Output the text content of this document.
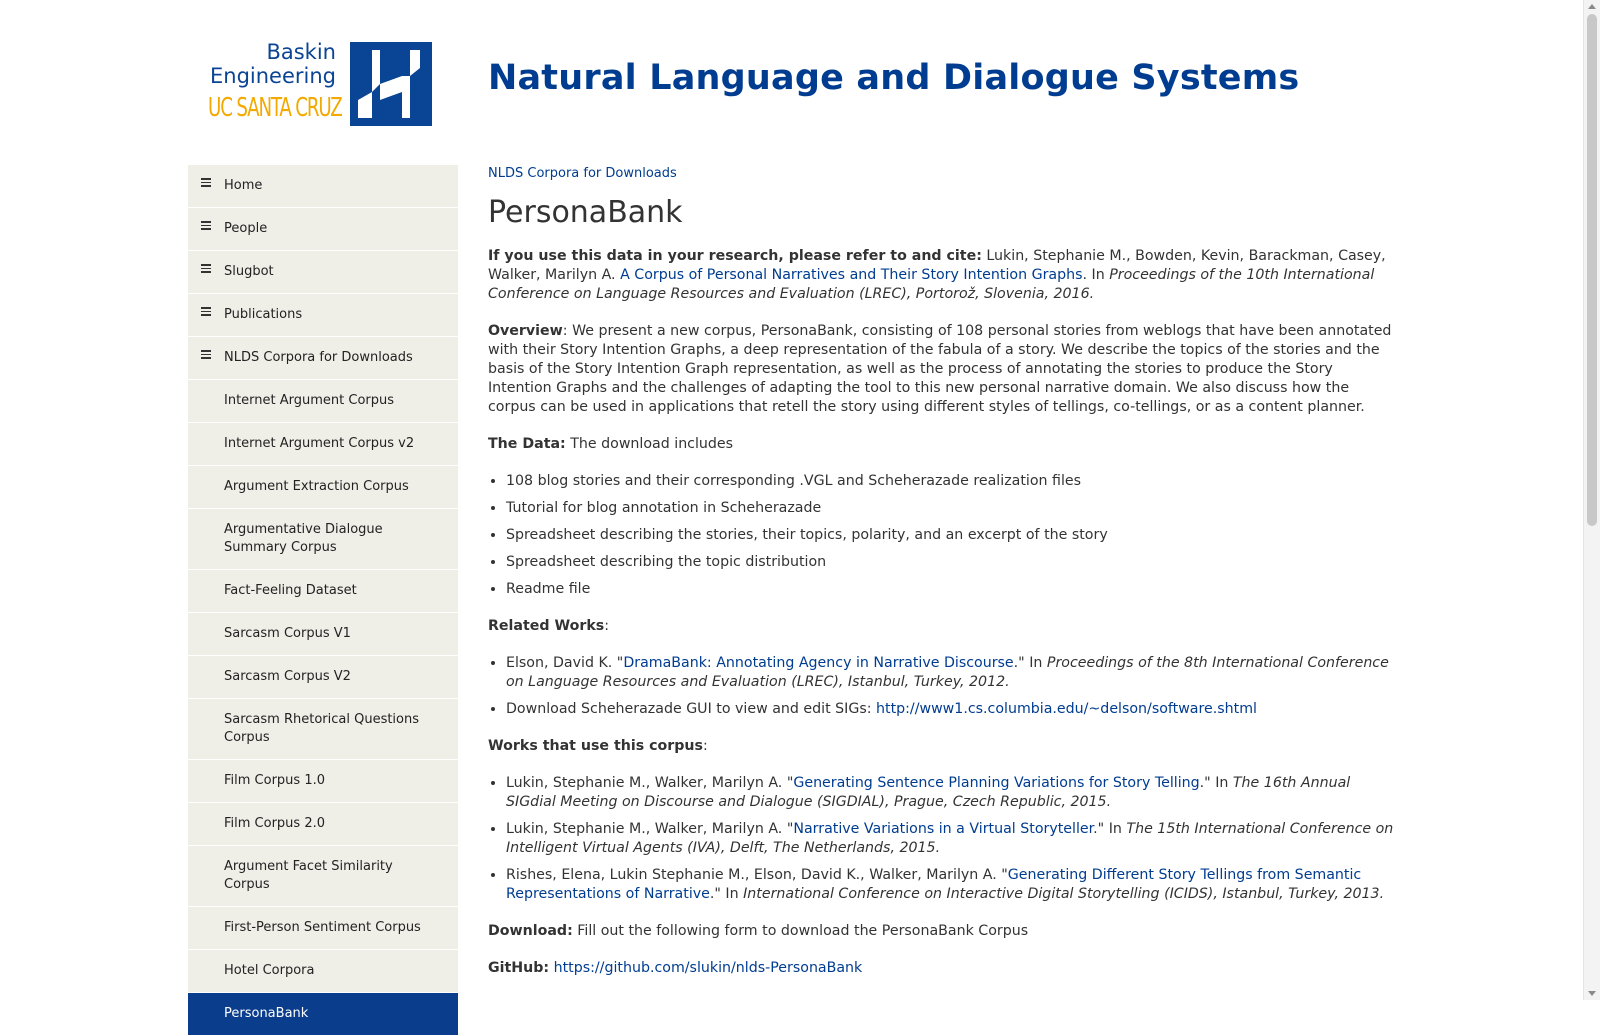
Baskin
Engineering
UC SANTA CRUZ
Natural Language and Dialogue Systems
Home
People
Slugbot
Publications
NLDS Corpora for Downloads
Internet Argument Corpus
Internet Argument Corpus v2
Argument Extraction Corpus
Argumentative Dialogue Summary Corpus
Fact-Feeling Dataset
Sarcasm Corpus V1
Sarcasm Corpus V2
Sarcasm Rhetorical Questions Corpus
Film Corpus 1.0
Film Corpus 2.0
Argument Facet Similarity Corpus
First-Person Sentiment Corpus
Hotel Corpora
PersonaBank

NLDS Corpora for Downloads

PersonaBank

If you use this data in your research, please refer to and cite: Lukin, Stephanie M., Bowden, Kevin, Barackman, Casey, Walker, Marilyn A. A Corpus of Personal Narratives and Their Story Intention Graphs. In Proceedings of the 10th International Conference on Language Resources and Evaluation (LREC), Portorož, Slovenia, 2016.

Overview: We present a new corpus, PersonaBank, consisting of 108 personal stories from weblogs that have been annotated with their Story Intention Graphs, a deep representation of the fabula of a story. We describe the topics of the stories and the basis of the Story Intention Graph representation, as well as the process of annotating the stories to produce the Story Intention Graphs and the challenges of adapting the tool to this new personal narrative domain. We also discuss how the corpus can be used in applications that retell the story using different styles of tellings, co-tellings, or as a content planner.

The Data: The download includes

• 108 blog stories and their corresponding .VGL and Scheherazade realization files
• Tutorial for blog annotation in Scheherazade
• Spreadsheet describing the stories, their topics, polarity, and an excerpt of the story
• Spreadsheet describing the topic distribution
• Readme file

Related Works:

• Elson, David K. "DramaBank: Annotating Agency in Narrative Discourse." In Proceedings of the 8th International Conference on Language Resources and Evaluation (LREC), Istanbul, Turkey, 2012.
• Download Scheherazade GUI to view and edit SIGs: http://www1.cs.columbia.edu/~delson/software.shtml

Works that use this corpus:

• Lukin, Stephanie M., Walker, Marilyn A. "Generating Sentence Planning Variations for Story Telling." In The 16th Annual SIGdial Meeting on Discourse and Dialogue (SIGDIAL), Prague, Czech Republic, 2015.
• Lukin, Stephanie M., Walker, Marilyn A. "Narrative Variations in a Virtual Storyteller." In The 15th International Conference on Intelligent Virtual Agents (IVA), Delft, The Netherlands, 2015.
• Rishes, Elena, Lukin Stephanie M., Elson, David K., Walker, Marilyn A. "Generating Different Story Tellings from Semantic Representations of Narrative." In International Conference on Interactive Digital Storytelling (ICIDS), Istanbul, Turkey, 2013.

Download: Fill out the following form to download the PersonaBank Corpus

GitHub: https://github.com/slukin/nlds-PersonaBank
